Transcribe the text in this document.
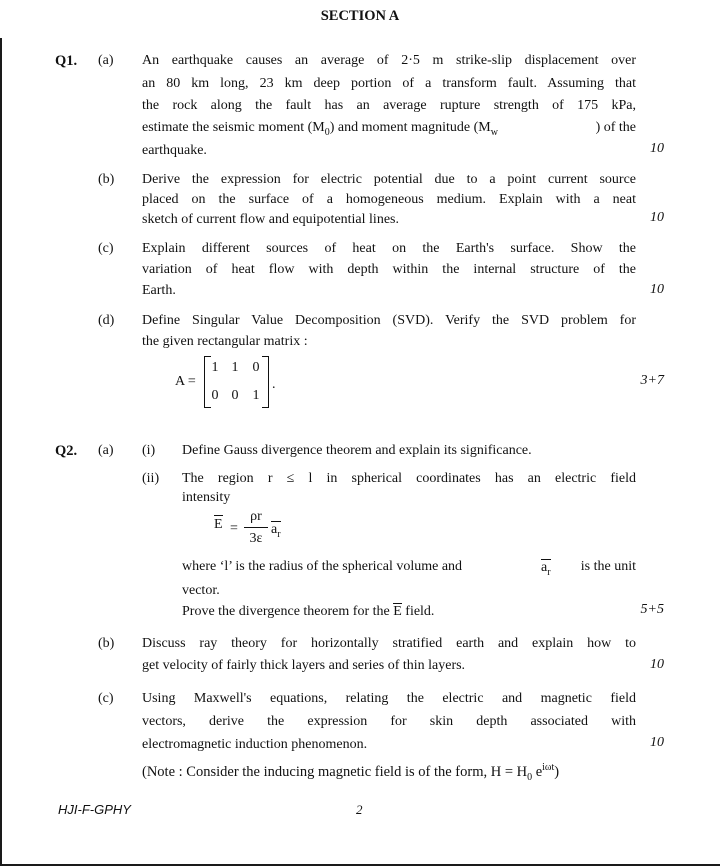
SECTION A
Q1. (a) An earthquake causes an average of 2·5 m strike-slip displacement over
an 80 km long, 23 km deep portion of a transform fault. Assuming that
the rock along the fault has an average rupture strength of 175 kPa,
estimate the seismic moment $(M_0)$ and moment magnitude ($M_w$	) of the
earthquake.	10
(b) Derive the expression for electric potential due to a point current source
placed on the surface of a homogeneous medium. Explain with a neat
sketch of current flow and equipotential lines.	10
(c) Explain different sources of heat on the Earth's surface. Show the
variation of heat flow with depth within the internal structure of the
Earth.	10
(d) Define Singular Value Decomposition (SVD). Verify the SVD problem for
the given rectangular matrix :
A =
1 1 0
0 0 1
.	3+7
Q2. (a) (i) Define Gauss divergence theorem and explain its significance.
(ii) The region r ≤ l in spherical coordinates has an electric field
intensity
E =
ρr
3ε
$a_r$
where ‘l’ is the radius of the spherical volume and	$a_r$	is the unit
vector.
Prove the divergence theorem for the E field.	5+5
(b) Discuss ray theory for horizontally stratified earth and explain how to
get velocity of fairly thick layers and series of thin layers.	10
(c) Using Maxwell's equations, relating the electric and magnetic field
vectors, derive the expression for skin depth associated with
electromagnetic induction phenomenon.	10
(Note : Consider the inducing magnetic field is of the form, $H = H_0$ $e^{i\omega t}$)
HJI-F-GPHY	2
